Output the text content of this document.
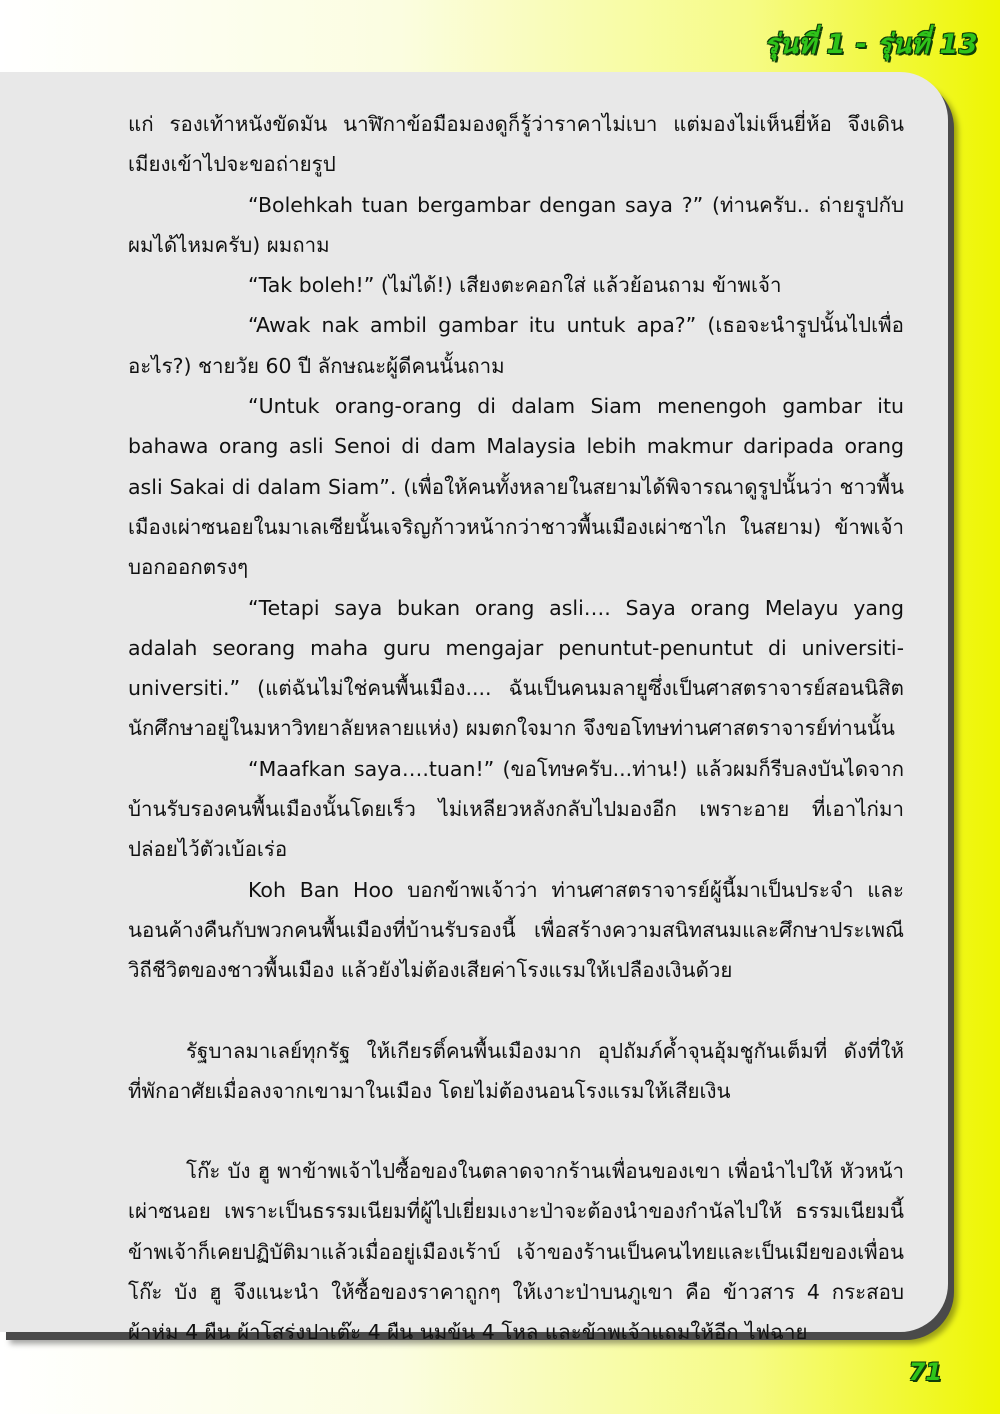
รุ่นที่ 1 - รุ่นที่ 13

แก่ รองเท้าหนังขัดมัน นาฬิกาข้อมือมองดูก็รู้ว่าราคาไม่เบา แต่มองไม่เห็นยี่ห้อ จึงเดินเมียงเข้าไปจะขอถ่ายรูป

“Bolehkah tuan bergambar dengan saya ?” (ท่านครับ.. ถ่ายรูปกับผมได้ไหมครับ) ผมถาม

“Tak boleh!” (ไม่ได้!) เสียงตะคอกใส่ แล้วย้อนถาม ข้าพเจ้า

“Awak nak ambil gambar itu untuk apa?” (เธอจะนำรูปนั้นไปเพื่ออะไร?) ชายวัย 60 ปี ลักษณะผู้ดีคนนั้นถาม

“Untuk orang-orang di dalam Siam menengoh gambar itu bahawa orang asli Senoi di dam Malaysia lebih makmur daripada orang asli Sakai di dalam Siam”. (เพื่อให้คนทั้งหลายในสยามได้พิจารณาดูรูปนั้นว่า ชาวพื้นเมืองเผ่าซนอยในมาเลเซียนั้นเจริญก้าวหน้ากว่าชาวพื้นเมืองเผ่าซาไก ในสยาม) ข้าพเจ้าบอกออกตรงๆ

“Tetapi saya bukan orang asli…. Saya orang Melayu yang adalah seorang maha guru mengajar penuntut-penuntut di universiti-universiti.” (แต่ฉันไม่ใช่คนพื้นเมือง.... ฉันเป็นคนมลายูซึ่งเป็นศาสตราจารย์สอนนิสิตนักศึกษาอยู่ในมหาวิทยาลัยหลายแห่ง) ผมตกใจมาก จึงขอโทษท่านศาสตราจารย์ท่านนั้น

“Maafkan saya….tuan!” (ขอโทษครับ...ท่าน!) แล้วผมก็รีบลงบันไดจากบ้านรับรองคนพื้นเมืองนั้นโดยเร็ว ไม่เหลียวหลังกลับไปมองอีก เพราะอาย ที่เอาไก่มาปล่อยไว้ตัวเบ้อเร่อ

Koh Ban Hoo บอกข้าพเจ้าว่า ท่านศาสตราจารย์ผู้นี้มาเป็นประจำ และนอนค้างคืนกับพวกคนพื้นเมืองที่บ้านรับรองนี้ เพื่อสร้างความสนิทสนมและศึกษาประเพณีวิถีชีวิตของชาวพื้นเมือง แล้วยังไม่ต้องเสียค่าโรงแรมให้เปลืองเงินด้วย

รัฐบาลมาเลย์ทุกรัฐ ให้เกียรติ์คนพื้นเมืองมาก อุปถัมภ์ค้ำจุนอุ้มชูกันเต็มที่ ดังที่ให้ที่พักอาศัยเมื่อลงจากเขามาในเมือง โดยไม่ต้องนอนโรงแรมให้เสียเงิน

โก๊ะ บัง ฮู พาข้าพเจ้าไปซื้อของในตลาดจากร้านเพื่อนของเขา เพื่อนำไปให้ หัวหน้าเผ่าซนอย เพราะเป็นธรรมเนียมที่ผู้ไปเยี่ยมเงาะป่าจะต้องนำของกำนัลไปให้ ธรรมเนียมนี้ข้าพเจ้าก็เคยปฏิบัติมาแล้วเมื่ออยู่เมืองเร้าบ์ เจ้าของร้านเป็นคนไทยและเป็นเมียของเพื่อน โก๊ะ บัง ฮู จึงแนะนำ ให้ซื้อของราคาถูกๆ ให้เงาะป่าบนภูเขา คือ ข้าวสาร 4 กระสอบ ผ้าห่ม 4 ผืน ผ้าโสร่งปาเต๊ะ 4 ผืน นมข้น 4 โหล และข้าพเจ้าแถมให้อีก ไฟฉาย

71
